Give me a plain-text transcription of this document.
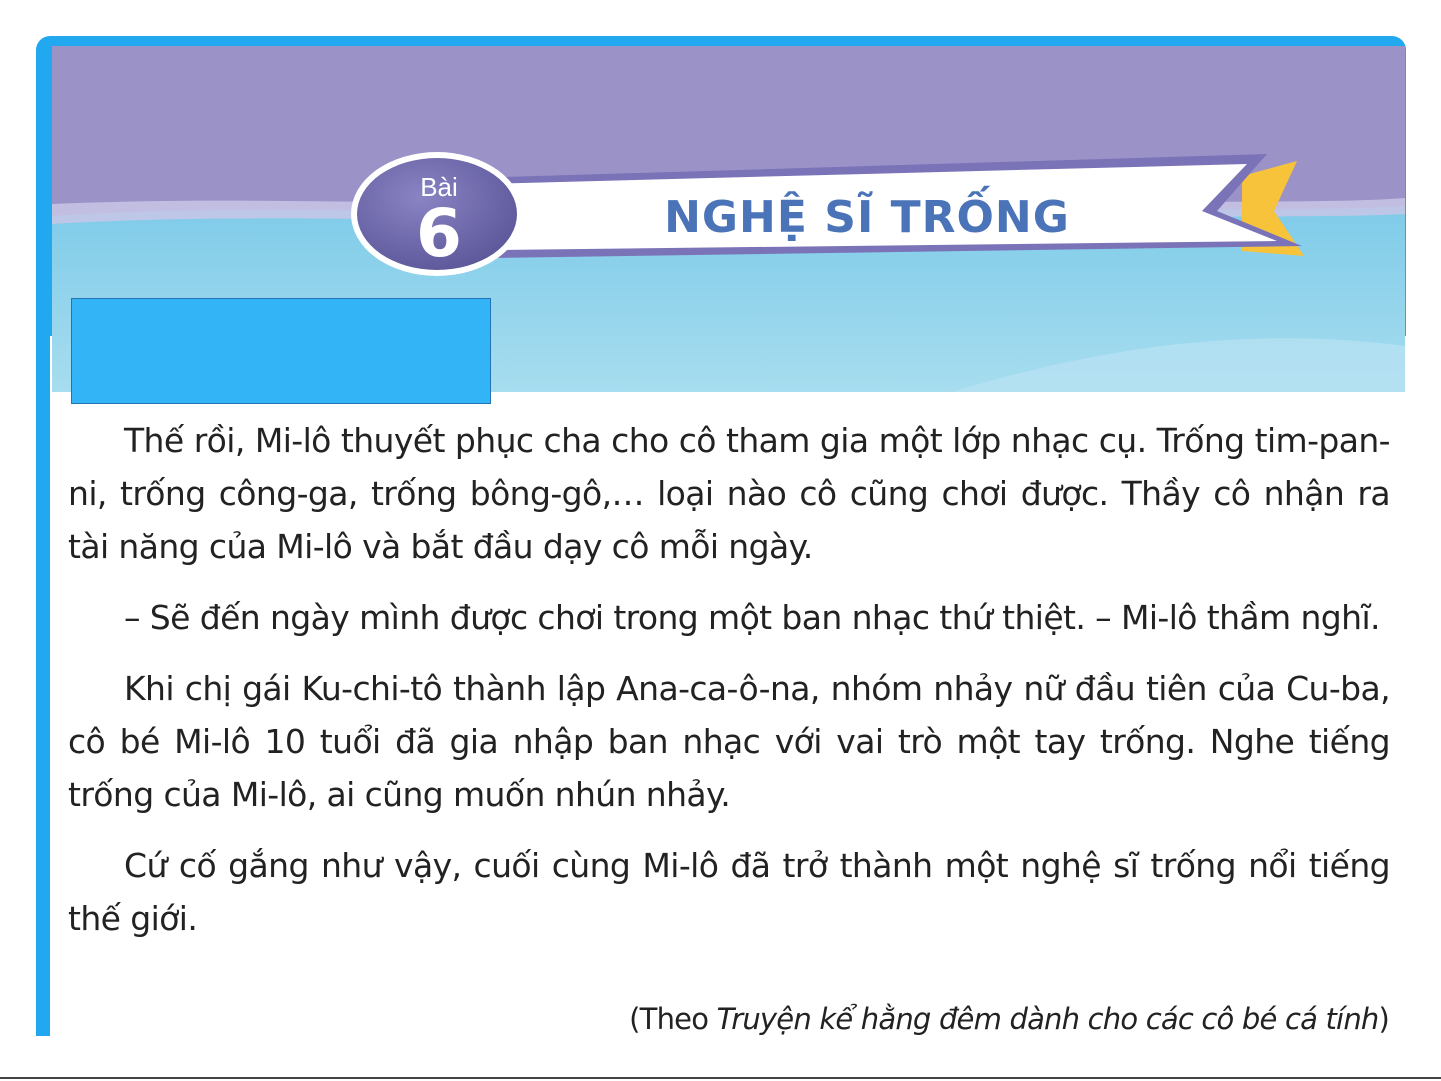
Bài
6	NGHỆ SĨ TRỐNG

Thế rồi, Mi-lô thuyết phục cha cho cô tham gia một lớp nhạc cụ. Trống tim-pan-ni, trống công-ga, trống bông-gô,… loại nào cô cũng chơi được. Thầy cô nhận ra tài năng của Mi-lô và bắt đầu dạy cô mỗi ngày.

– Sẽ đến ngày mình được chơi trong một ban nhạc thứ thiệt. – Mi-lô thầm nghĩ.

Khi chị gái Ku-chi-tô thành lập Ana-ca-ô-na, nhóm nhảy nữ đầu tiên của Cu-ba, cô bé Mi-lô 10 tuổi đã gia nhập ban nhạc với vai trò một tay trống. Nghe tiếng trống của Mi-lô, ai cũng muốn nhún nhảy.

Cứ cố gắng như vậy, cuối cùng Mi-lô đã trở thành một nghệ sĩ trống nổi tiếng thế giới.

(Theo Truyện kể hằng đêm dành cho các cô bé cá tính)
